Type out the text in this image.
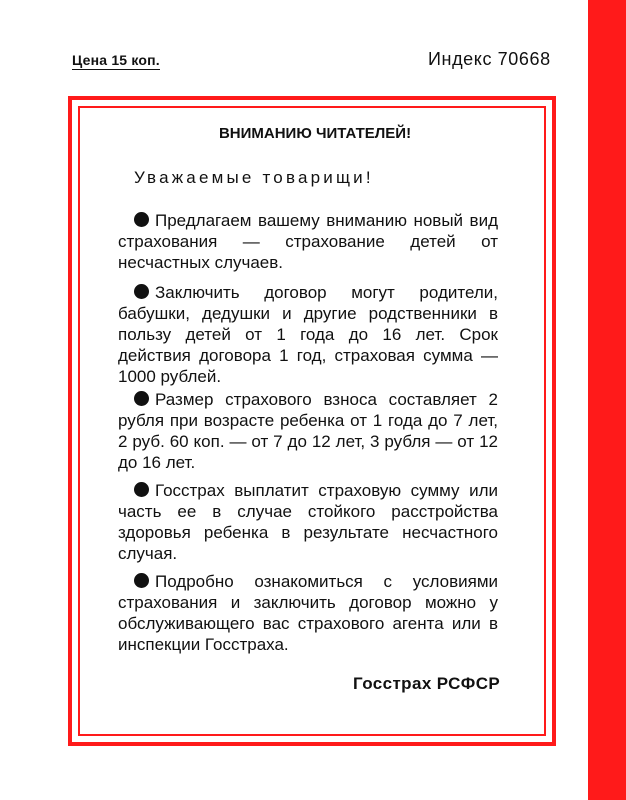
Цена 15 коп.	Индекс 70668
ВНИМАНИЮ ЧИТАТЕЛЕЙ!
Уважаемые товарищи!

Предлагаем вашему вниманию новый вид страхования — страхование детей от несчастных случаев.

Заключить договор могут родители, бабушки, дедушки и другие родственники в пользу детей от 1 года до 16 лет. Срок действия договора 1 год, страховая сумма — 1000 рублей.

Размер страхового взноса составляет 2 рубля при возрасте ребенка от 1 года до 7 лет, 2 руб. 60 коп. — от 7 до 12 лет, 3 рубля — от 12 до 16 лет.

Госстрах выплатит страховую сумму или часть ее в случае стойкого расстройства здоровья ребенка в результате несчастного случая.

Подробно ознакомиться с условиями страхования и заключить договор можно у обслуживающего вас страхового агента или в инспекции Госстраха.

Госстрах РСФСР
